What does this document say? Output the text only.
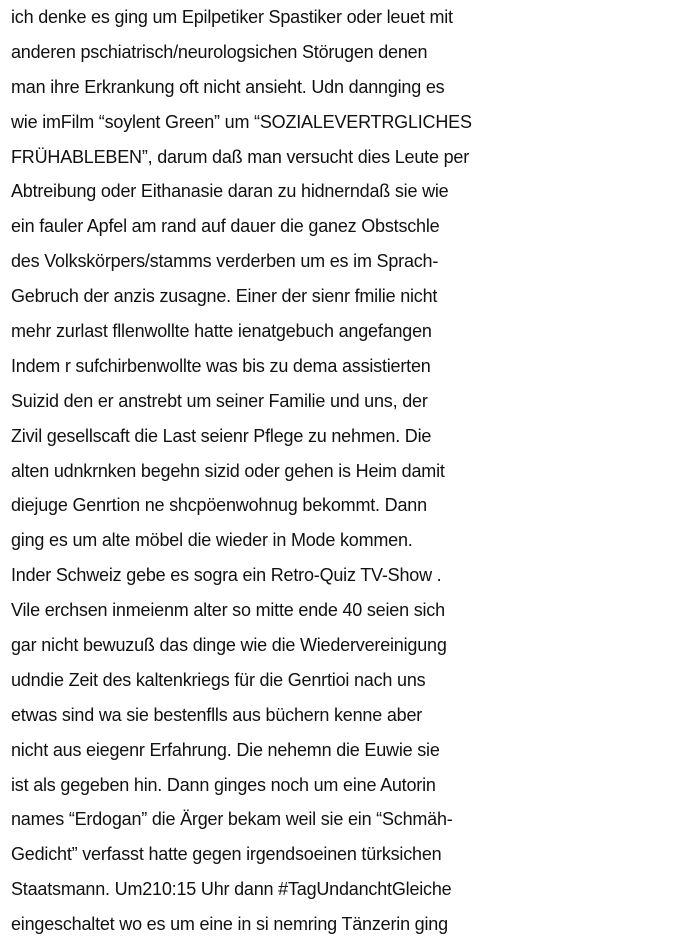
ich denke es ging um Epilpetiker Spastiker oder leuet mit
anderen pschiatrisch/neurologsichen Störugen denen
man ihre Erkrankung oft nicht ansieht. Udn dannging es
wie imFilm “soylent Green” um “SOZIALEVERTRGLICHES
FRÜHABLEBEN”, darum daß man versucht dies Leute per
Abtreibung oder Eithanasie daran zu hidnerndaß sie wie
ein fauler Apfel am rand auf dauer die ganez Obstschle
des Volkskörpers/stamms verderben um es im Sprach-
Gebruch der anzis zusagne. Einer der sienr fmilie nicht
mehr zurlast fllenwollte hatte ienatgebuch angefangen
Indem r sufchirbenwollte was bis zu dema assistierten
Suizid den er anstrebt um seiner Familie und uns, der
Zivil gesellscaft die Last seienr Pflege zu nehmen. Die
alten udnkrnken begehn sizid oder gehen is Heim damit
diejuge Genrtion ne shcpöenwohnug bekommt. Dann
ging es um alte möbel die wieder in Mode kommen.
Inder Schweiz gebe es sogra ein Retro-Quiz TV-Show .
Vile erchsen inmeienm alter so mitte ende 40 seien sich
gar nicht bewuzuß das dinge wie die Wiedervereinigung
udndie Zeit des kaltenkriegs für die Genrtioi nach uns
etwas sind wa sie bestenflls aus büchern kenne aber
nicht aus eiegenr Erfahrung. Die nehemn die Euwie sie
ist als gegeben hin. Dann ginges noch um eine Autorin
names “Erdogan” die Ärger bekam weil sie ein “Schmäh-
Gedicht” verfasst hatte gegen irgendsoeinen türksichen
Staatsmann. Um210:15 Uhr dann #TagUndanchtGleiche
eingeschaltet wo es um eine in si nemring Tänzerin ging
